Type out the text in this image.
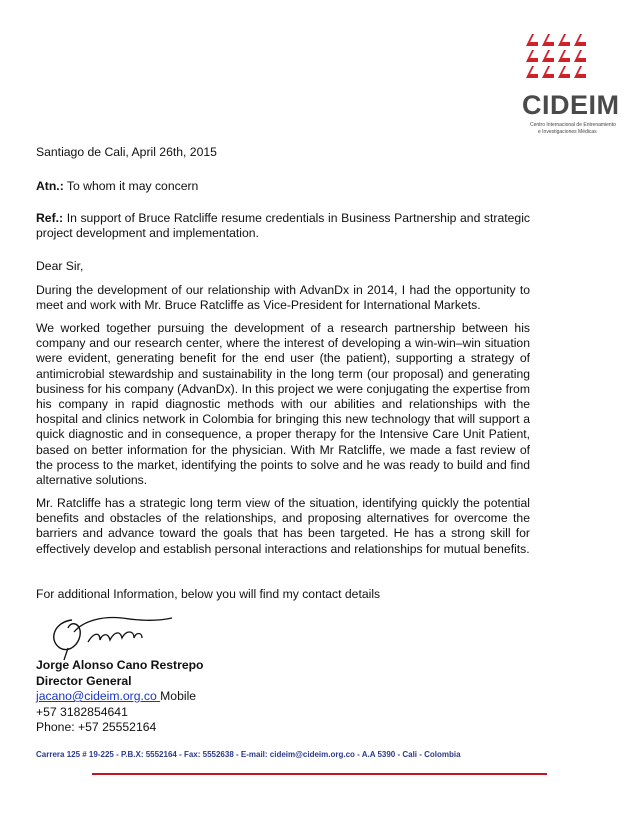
CIDEIM
Centro Internacional de Entrenamiento
e Investigaciones Médicas
Santiago de Cali, April 26th, 2015
Atn.: To whom it may concern

Ref.: In support of Bruce Ratcliffe resume credentials in Business Partnership and strategic project development and implementation.

Dear Sir,

During the development of our relationship with AdvanDx in 2014, I had the opportunity to meet and work with Mr. Bruce Ratcliffe as Vice-President for International Markets.

We worked together pursuing the development of a research partnership between his company and our research center, where the interest of developing a win-win–win situation were evident, generating benefit for the end user (the patient), supporting a strategy of antimicrobial stewardship and sustainability in the long term (our proposal) and generating business for his company (AdvanDx). In this project we were conjugating the expertise from his company in rapid diagnostic methods with our abilities and relationships with the hospital and clinics network in Colombia for bringing this new technology that will support a quick diagnostic and in consequence, a proper therapy for the Intensive Care Unit Patient, based on better information for the physician. With Mr Ratcliffe, we made a fast review of the process to the market, identifying the points to solve and he was ready to build and find alternative solutions.

Mr. Ratcliffe has a strategic long term view of the situation, identifying quickly the potential benefits and obstacles of the relationships, and proposing alternatives for overcome the barriers and advance toward the goals that has been targeted. He has a strong skill for effectively develop and establish personal interactions and relationships for mutual benefits.

For additional Information, below you will find my contact details

Jorge Alonso Cano Restrepo
Director General
jacano@cideim.org.co Mobile
+57 3182854641
Phone: +57 25552164
Carrera 125 # 19-225 - P.B.X: 5552164 - Fax: 5552638 - E-mail: cideim@cideim.org.co - A.A 5390 - Cali - Colombia
